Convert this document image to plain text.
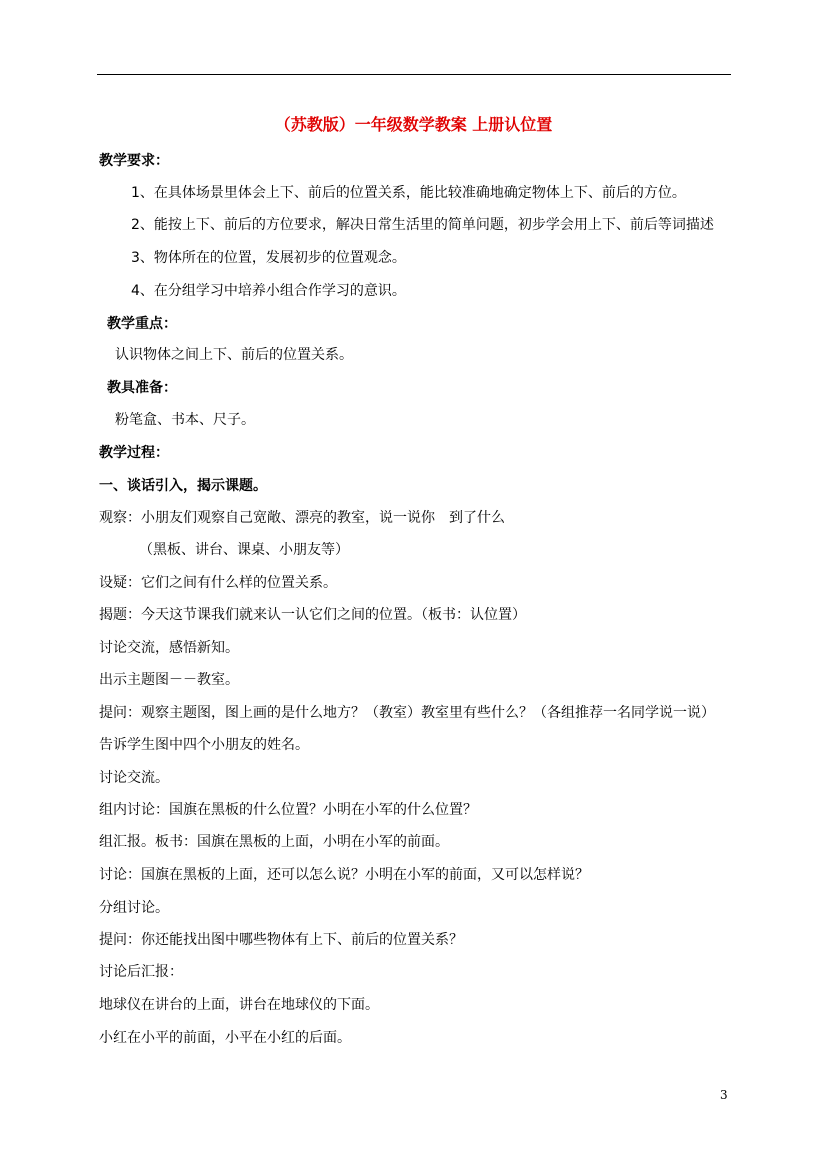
（苏教版）一年级数学教案 上册认位置
教学要求：
1、在具体场景里体会上下、前后的位置关系，能比较准确地确定物体上下、前后的方位。
2、能按上下、前后的方位要求，解决日常生活里的简单问题，初步学会用上下、前后等词描述
3、物体所在的位置，发展初步的位置观念。
4、在分组学习中培养小组合作学习的意识。
教学重点：
认识物体之间上下、前后的位置关系。
教具准备：
粉笔盒、书本、尺子。
教学过程：
一、谈话引入，揭示课题。
观察：小朋友们观察自己宽敞、漂亮的教室，说一说你　到了什么
（黑板、讲台、课桌、小朋友等）
设疑：它们之间有什么样的位置关系。
揭题：今天这节课我们就来认一认它们之间的位置。（板书：认位置）
讨论交流，感悟新知。
出示主题图－－教室。
提问：观察主题图，图上画的是什么地方？（教室）教室里有些什么？（各组推荐一名同学说一说）
告诉学生图中四个小朋友的姓名。
讨论交流。
组内讨论：国旗在黑板的什么位置？小明在小军的什么位置？
组汇报。板书：国旗在黑板的上面，小明在小军的前面。
讨论：国旗在黑板的上面，还可以怎么说？小明在小军的前面，又可以怎样说？
分组讨论。
提问：你还能找出图中哪些物体有上下、前后的位置关系？
讨论后汇报：
地球仪在讲台的上面，讲台在地球仪的下面。
小红在小平的前面，小平在小红的后面。
3
